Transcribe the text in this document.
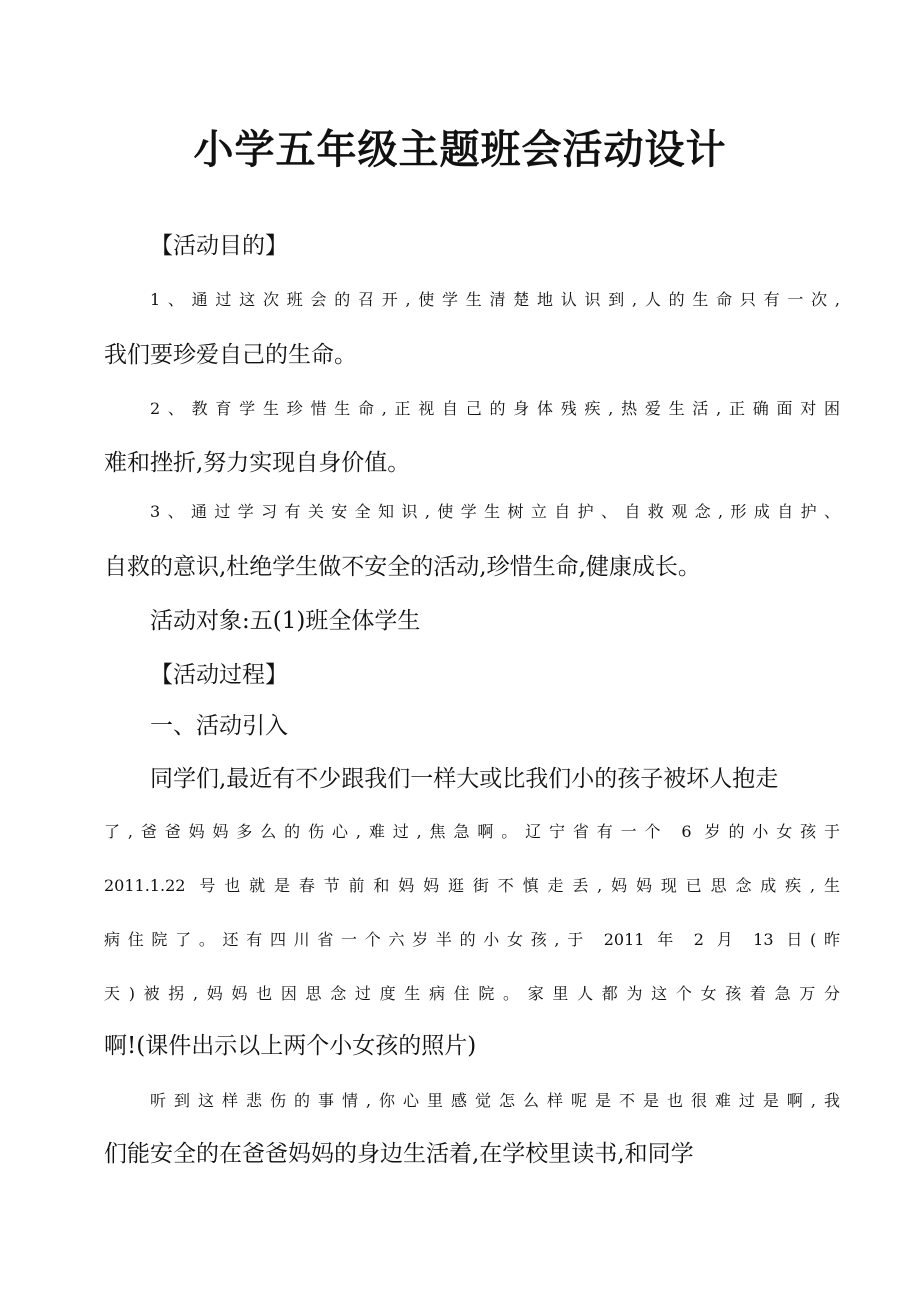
小学五年级主题班会活动设计

【活动目的】

1、通过这次班会的召开,使学生清楚地认识到,人的生命只有一次,

我们要珍爱自己的生命。

2、教育学生珍惜生命,正视自己的身体残疾,热爱生活,正确面对困

难和挫折,努力实现自身价值。

3、通过学习有关安全知识,使学生树立自护、自救观念,形成自护、

自救的意识,杜绝学生做不安全的活动,珍惜生命,健康成长。

活动对象:五(1)班全体学生

【活动过程】

一、活动引入

同学们,最近有不少跟我们一样大或比我们小的孩子被坏人抱走

了,爸爸妈妈多么的伤心,难过,焦急啊。辽宁省有一个 6 岁的小女孩于

2011.1.22 号也就是春节前和妈妈逛街不慎走丢,妈妈现已思念成疾,生

病住院了。还有四川省一个六岁半的小女孩,于 2011 年 2 月 13 日(昨

天)被拐,妈妈也因思念过度生病住院。家里人都为这个女孩着急万分

啊!(课件出示以上两个小女孩的照片)

听到这样悲伤的事情,你心里感觉怎么样呢是不是也很难过是啊,我

们能安全的在爸爸妈妈的身边生活着,在学校里读书,和同学
